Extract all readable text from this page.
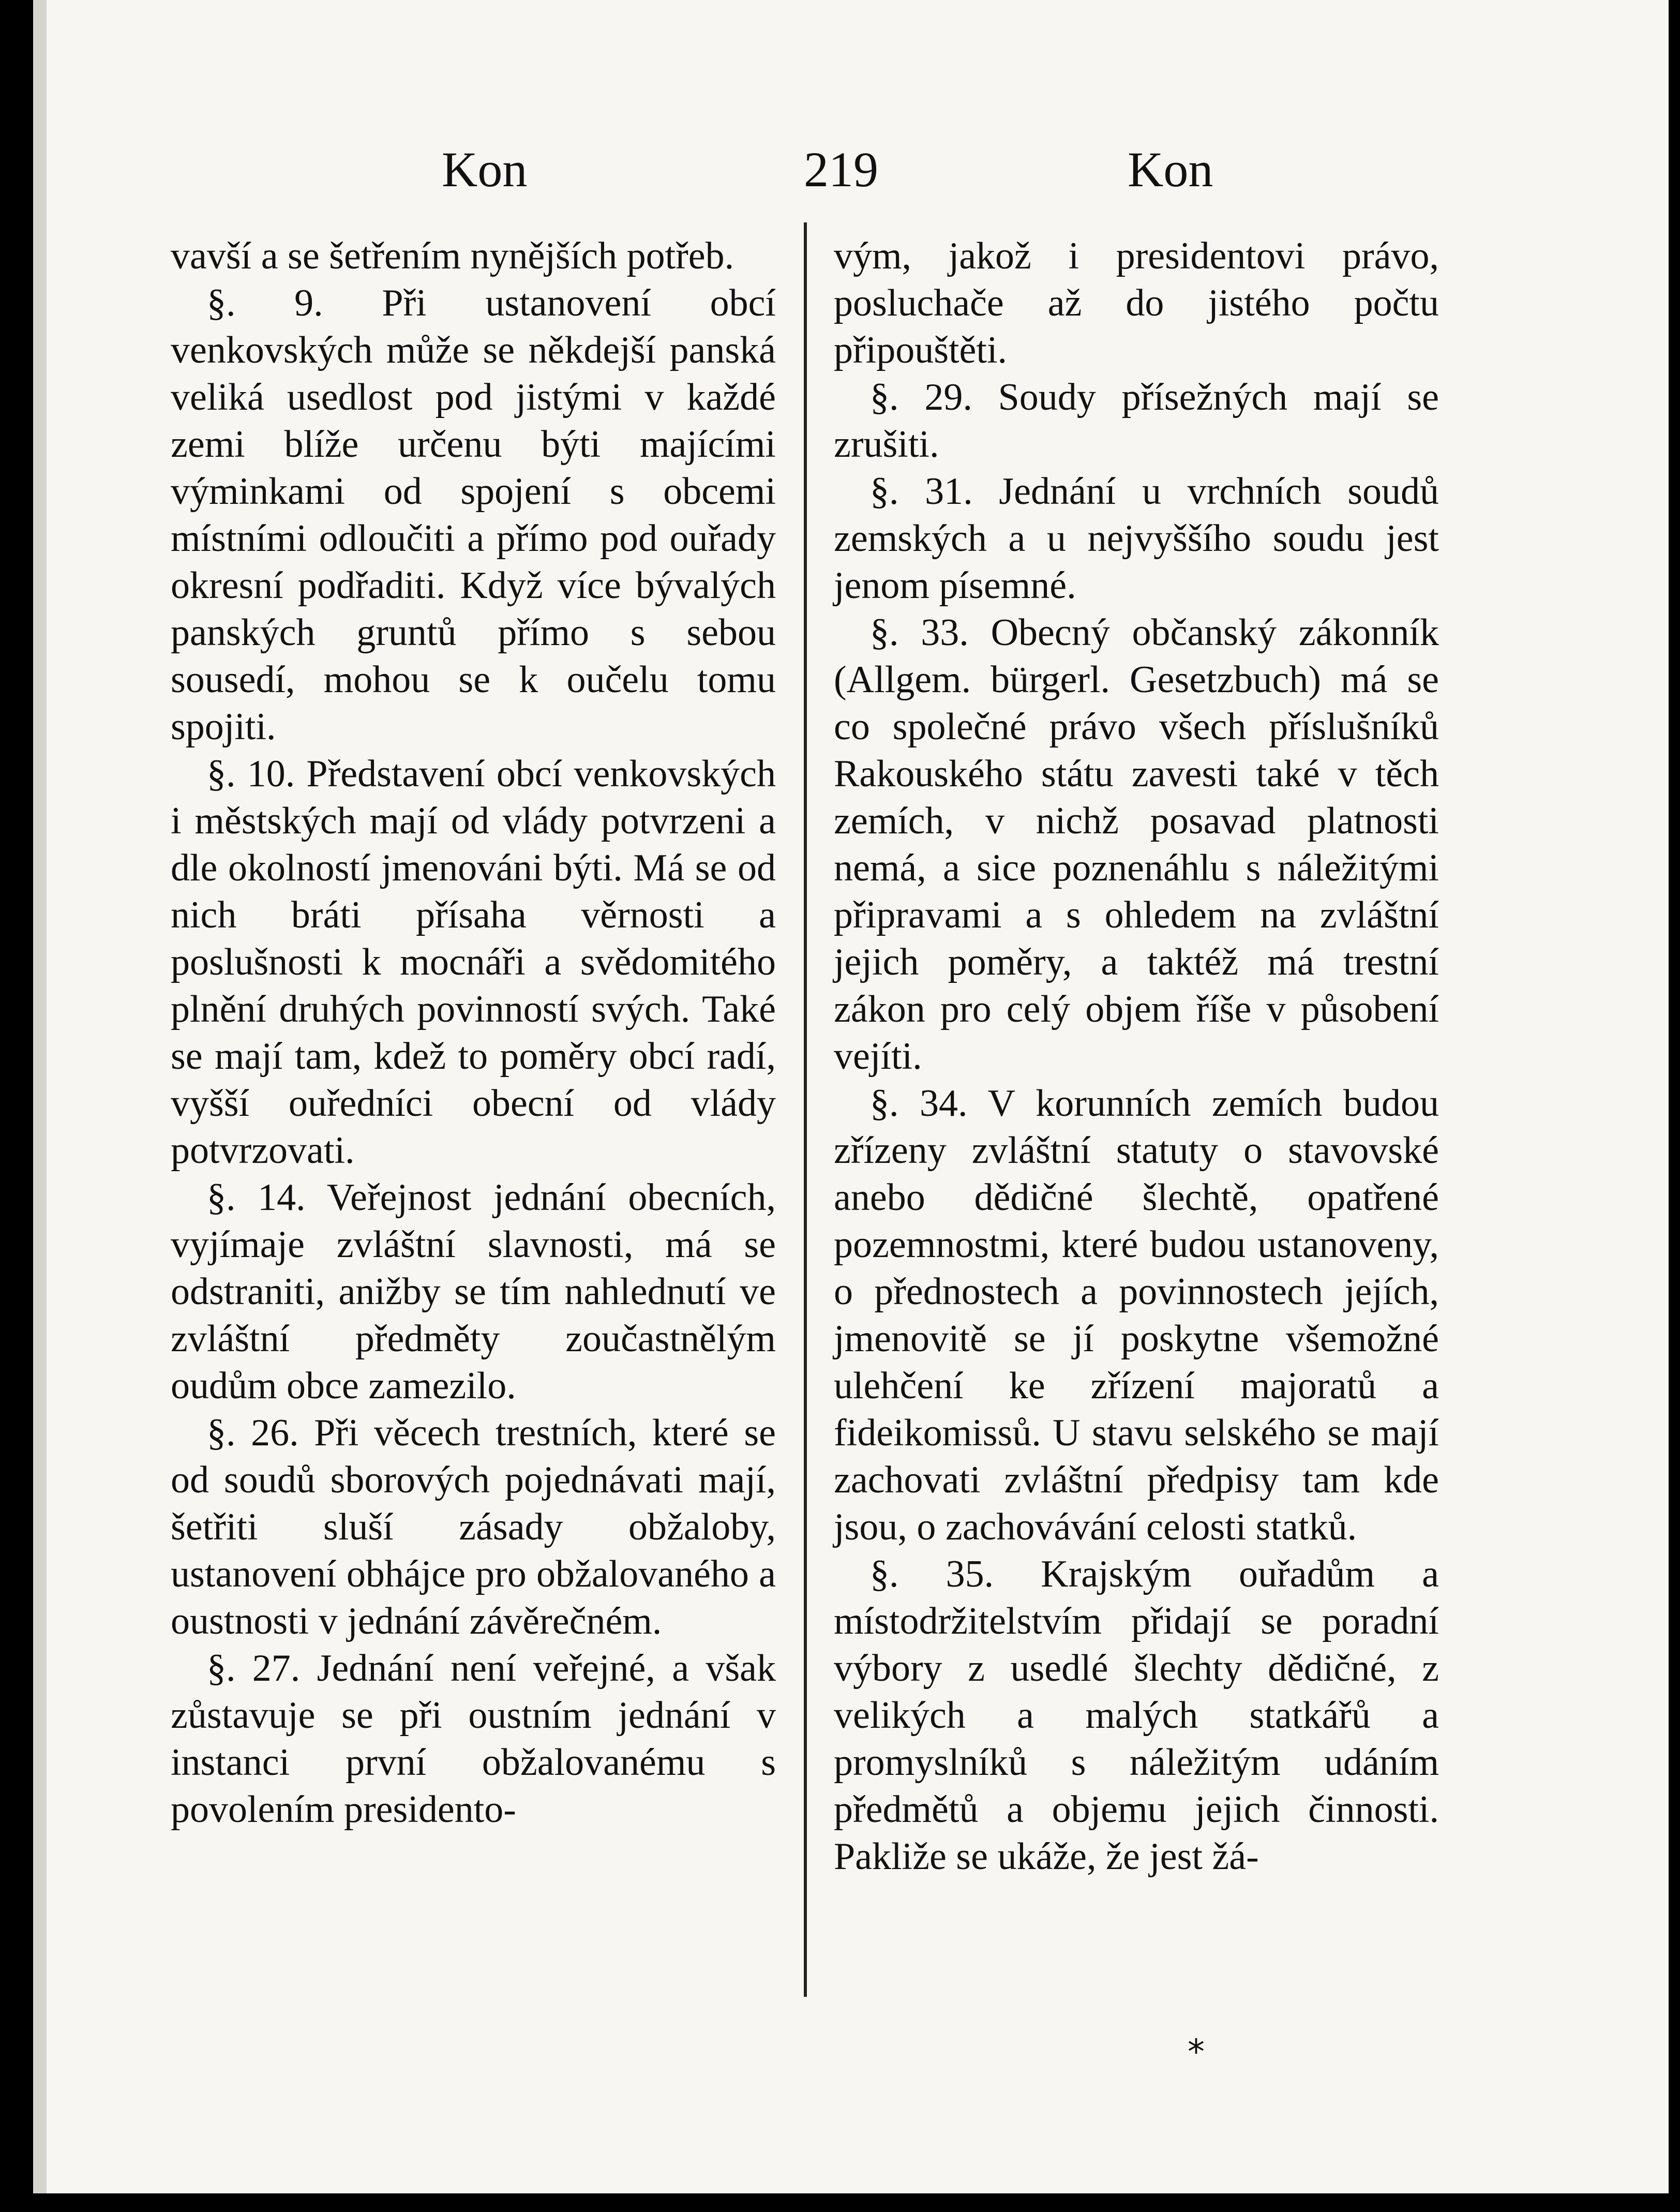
Kon	219	Kon

vavší a se šetřením nynějších potřeb.

§. 9. Při ustanovení obcí venkovských může se někdejší panská veliká usedlost pod jistými v každé zemi blíže určenu býti majícími výminkami od spojení s obcemi místními odloučiti a přímo pod ouřady okresní podřaditi. Když více bývalých panských gruntů přímo s sebou sousedí, mohou se k oučelu tomu spojiti.

§. 10. Představení obcí venkovských i městských mají od vlády potvrzeni a dle okolností jmenováni býti. Má se od nich bráti přísaha věrnosti a poslušnosti k mocnáři a svědomitého plnění druhých povinností svých. Také se mají tam, kdež to poměry obcí radí, vyšší ouředníci obecní od vlády potvrzovati.

§. 14. Veřejnost jednání obecních, vyjímaje zvláštní slavnosti, má se odstraniti, anižby se tím nahlednutí ve zvláštní předměty zoučastnělým oudům obce zamezilo.

§. 26. Při věcech trestních, které se od soudů sborových pojednávati mají, šetřiti sluší zásady obžaloby, ustanovení obhájce pro obžalovaného a oustnosti v jednání závěrečném.

§. 27. Jednání není veřejné, a však zůstavuje se při oustním jednání v instanci první obžalovanému s povolením presidento-

vým, jakož i presidentovi právo, posluchače až do jistého počtu připouštěti.

§. 29. Soudy přísežných mají se zrušiti.

§. 31. Jednání u vrchních soudů zemských a u nejvyššího soudu jest jenom písemné.

§. 33. Obecný občanský zákonník (Allgem. bürgerl. Gesetzbuch) má se co společné právo všech příslušníků Rakouského státu zavesti také v těch zemích, v nichž posavad platnosti nemá, a sice poznenáhlu s náležitými připravami a s ohledem na zvláštní jejich poměry, a taktéž má trestní zákon pro celý objem říše v působení vejíti.

§. 34. V korunních zemích budou zřízeny zvláštní statuty o stavovské anebo dědičné šlechtě, opatřené pozemnostmi, které budou ustanoveny, o přednostech a povinnostech jejích, jmenovitě se jí poskytne všemožné ulehčení ke zřízení majoratů a fideikomissů. U stavu selského se mají zachovati zvláštní předpisy tam kde jsou, o zachovávání celosti statků.

§. 35. Krajským ouřadům a místodržitelstvím přidají se poradní výbory z usedlé šlechty dědičné, z velikých a malých statkářů a promyslníků s náležitým udáním předmětů a objemu jejich činnosti. Pakliže se ukáže, že jest žá-

*
